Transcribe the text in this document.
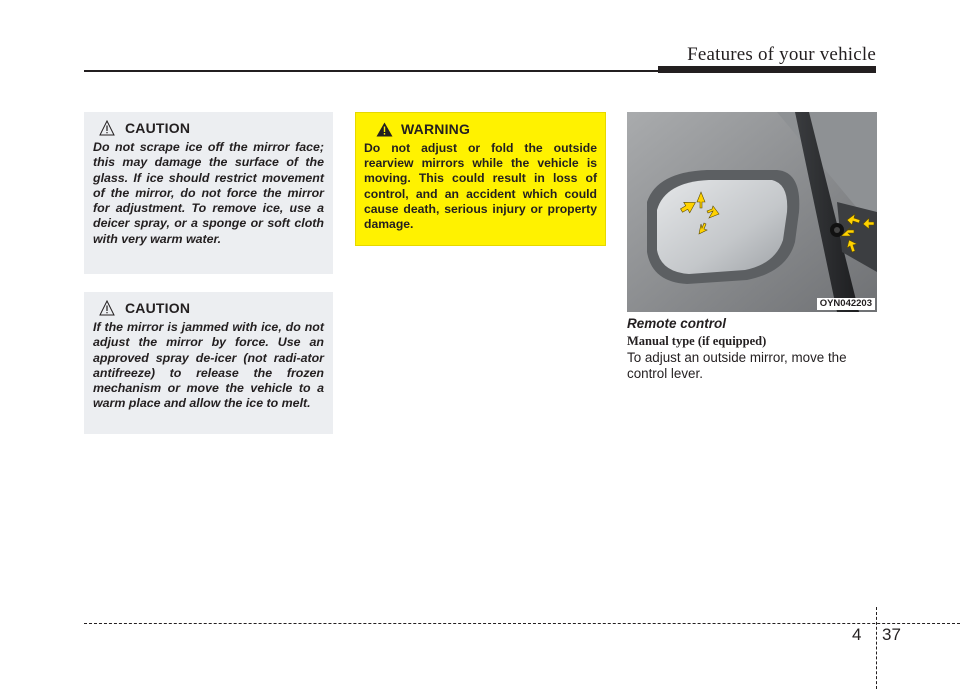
Features of your vehicle
CAUTION

Do not scrape ice off the mirror face; this may damage the surface of the glass. If ice should restrict movement of the mirror, do not force the mirror for adjustment. To remove ice, use a deicer spray, or a sponge or soft cloth with very warm water.

CAUTION

If the mirror is jammed with ice, do not adjust the mirror by force. Use an approved spray de-icer (not radi-ator antifreeze) to release the frozen mechanism or move the vehicle to a warm place and allow the ice to melt.

WARNING

Do not adjust or fold the outside rearview mirrors while the vehicle is moving. This could result in loss of control, and an accident which could cause death, serious injury or property damage.

OYN042203
Remote control
Manual type (if equipped)

To adjust an outside mirror, move the control lever.

4 37
